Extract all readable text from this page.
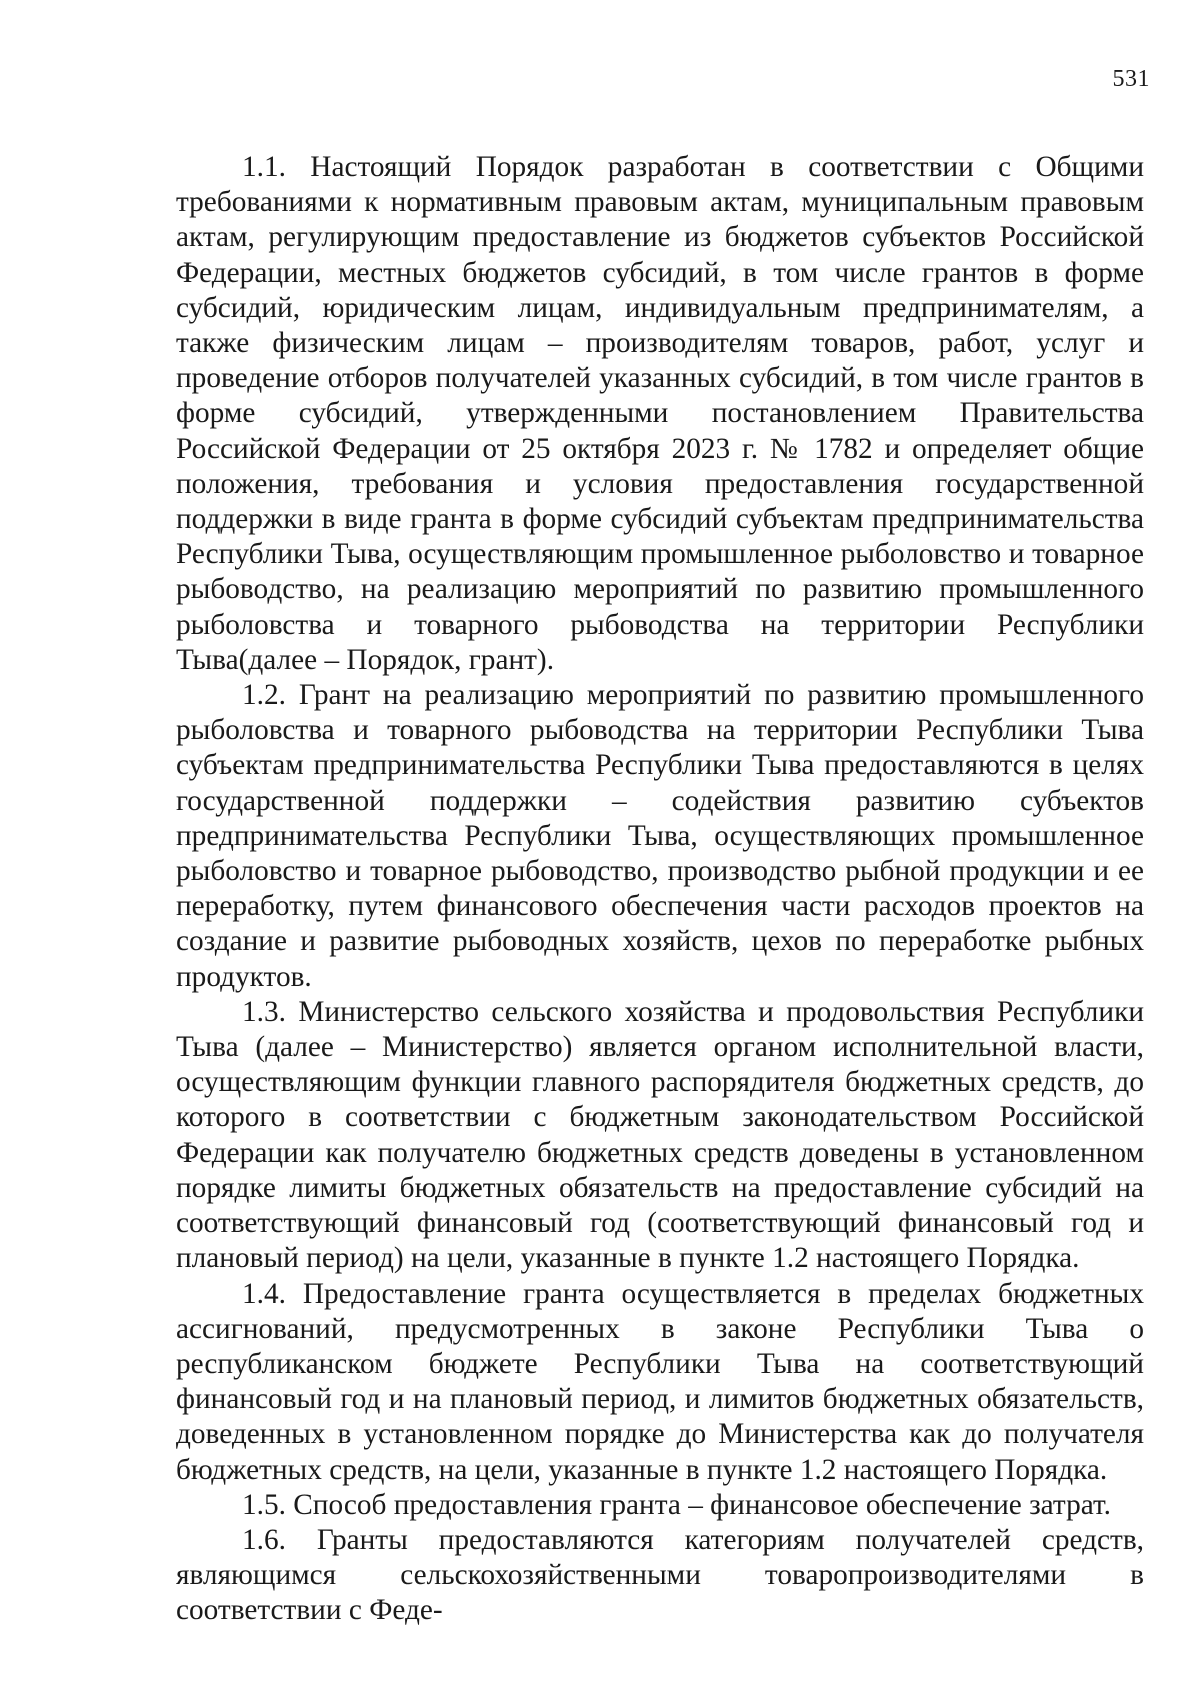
531

1.1. Настоящий Порядок разработан в соответствии с Общими требованиями к нормативным правовым актам, муниципальным правовым актам, регулирующим предоставление из бюджетов субъектов Российской Федерации, местных бюджетов субсидий, в том числе грантов в форме субсидий, юридическим лицам, индивидуальным предпринимателям, а также физическим лицам – производителям товаров, работ, услуг и проведение отборов получателей указанных субсидий, в том числе грантов в форме субсидий, утвержденными постановлением Правительства Российской Федерации от 25 октября 2023 г. № 1782 и определяет общие положения, требования и условия предоставления государственной поддержки в виде гранта в форме субсидий субъектам предпринимательства Республики Тыва, осуществляющим промышленное рыболовство и товарное рыбоводство, на реализацию мероприятий по развитию промышленного рыболовства и товарного рыбоводства на территории Республики Тыва(далее – Порядок, грант).

1.2. Грант на реализацию мероприятий по развитию промышленного рыболовства и товарного рыбоводства на территории Республики Тыва субъектам предпринимательства Республики Тыва предоставляются в целях государственной поддержки – содействия развитию субъектов предпринимательства Республики Тыва, осуществляющих промышленное рыболовство и товарное рыбоводство, производство рыбной продукции и ее переработку, путем финансового обеспечения части расходов проектов на создание и развитие рыбоводных хозяйств, цехов по переработке рыбных продуктов.

1.3. Министерство сельского хозяйства и продовольствия Республики Тыва (далее – Министерство) является органом исполнительной власти, осуществляющим функции главного распорядителя бюджетных средств, до которого в соответствии с бюджетным законодательством Российской Федерации как получателю бюджетных средств доведены в установленном порядке лимиты бюджетных обязательств на предоставление субсидий на соответствующий финансовый год (соответствующий финансовый год и плановый период) на цели, указанные в пункте 1.2 настоящего Порядка.

1.4. Предоставление гранта осуществляется в пределах бюджетных ассигнований, предусмотренных в законе Республики Тыва о республиканском бюджете Республики Тыва на соответствующий финансовый год и на плановый период, и лимитов бюджетных обязательств, доведенных в установленном порядке до Министерства как до получателя бюджетных средств, на цели, указанные в пункте 1.2 настоящего Порядка.

1.5. Способ предоставления гранта – финансовое обеспечение затрат.

1.6. Гранты предоставляются категориям получателей средств, являющимся сельскохозяйственными товаропроизводителями в соответствии с Феде-
